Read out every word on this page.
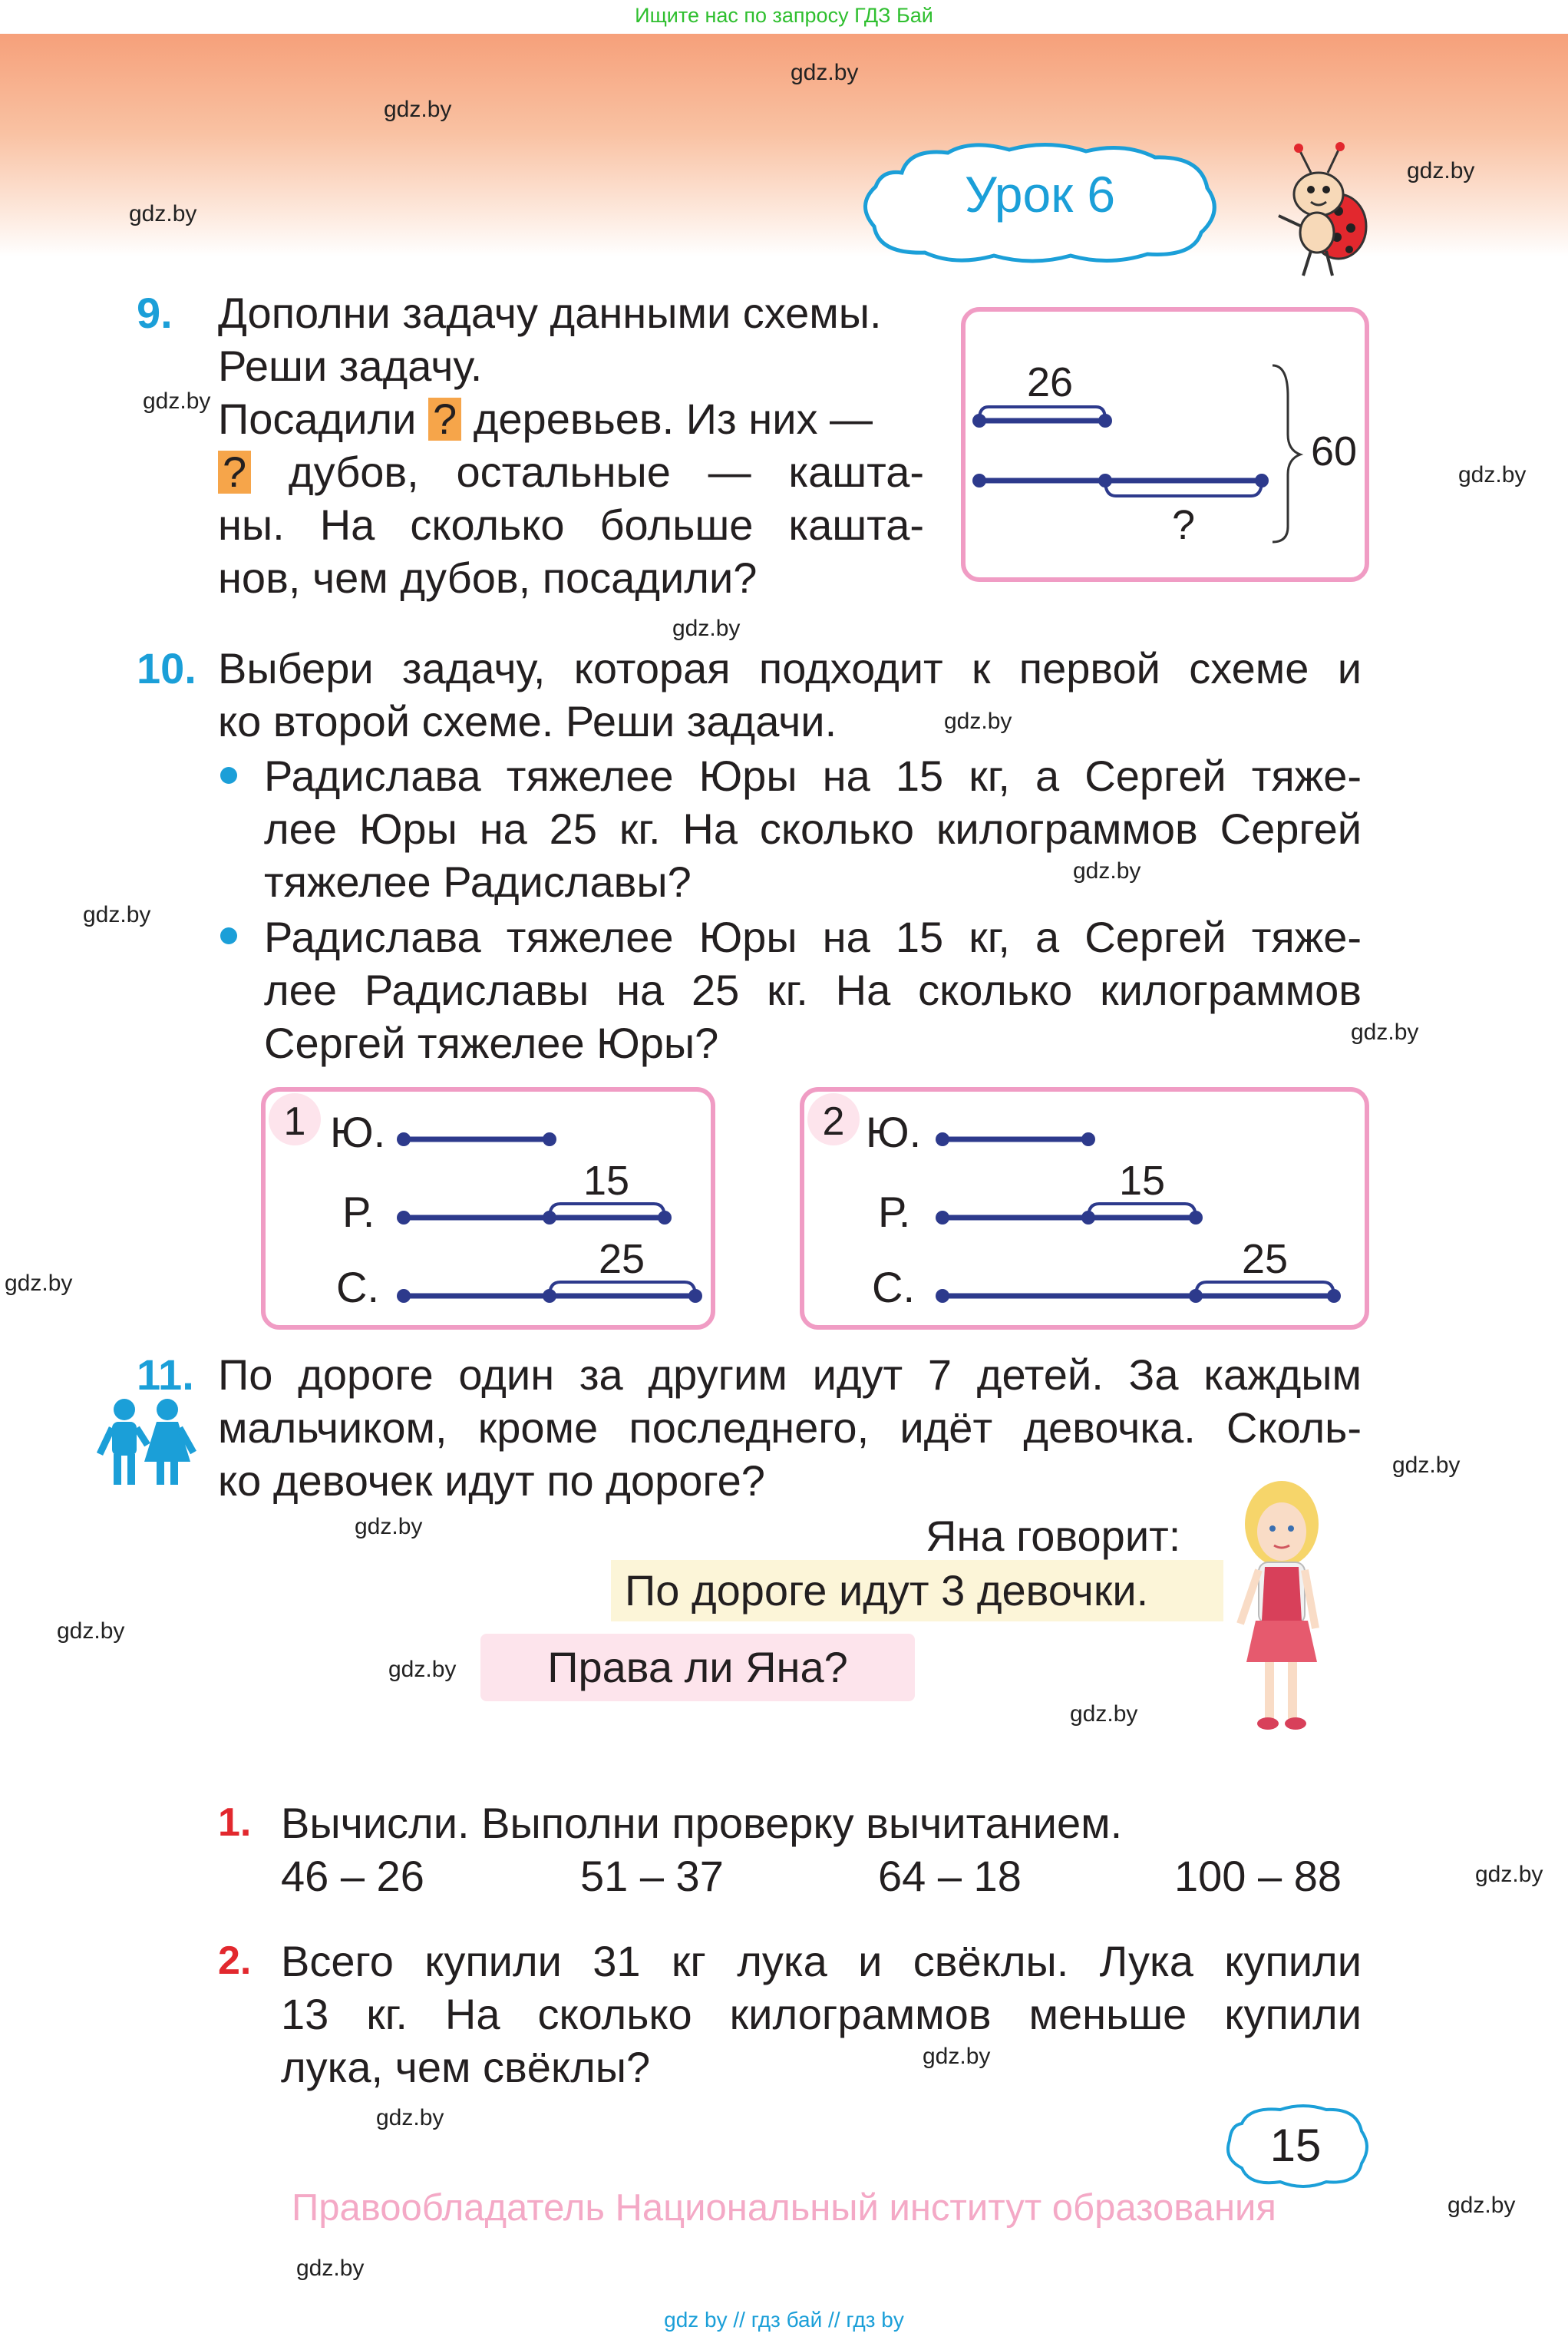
Ищите нас по запросу ГДЗ Бай
Урок 6
gdz.by
gdz.by
gdz.by
gdz.by
gdz.by
gdz.by
gdz.by
gdz.by
gdz.by
gdz.by
gdz.by
gdz.by
gdz.by
gdz.by
gdz.by
gdz.by
gdz.by
gdz.by
gdz.by
gdz.by
gdz.by
gdz.by
9. Дополни задачу данными схемы.
Реши задачу.
Посадили ? деревьев. Из них —
? дубов, остальные — кашта-
ны. На сколько больше кашта-
нов, чем дубов, посадили?
26
60
?
10. Выбери задачу, которая подходит к первой схеме и
ко второй схеме. Реши задачи.
Радислава тяжелее Юры на 15 кг, а Сергей тяже-
лее Юры на 25 кг. На сколько килограммов Сергей
тяжелее Радиславы?
Радислава тяжелее Юры на 15 кг, а Сергей тяже-
лее Радиславы на 25 кг. На сколько килограммов
Сергей тяжелее Юры?
1 Ю.
Р.
С.
15
25
2 Ю.
Р.
С.
15
25
11. По дороге один за другим идут 7 детей. За каждым
мальчиком, кроме последнего, идёт девочка. Сколь-
ко девочек идут по дороге?
Яна говорит:
По дороге идут 3 девочки.
Права ли Яна?
1. Вычисли. Выполни проверку вычитанием.
46 – 26	51 – 37	64 – 18	100 – 88
2. Всего купили 31 кг лука и свёклы. Лука купили
13 кг. На сколько килограммов меньше купили
лука, чем свёклы?
15
Правообладатель Национальный институт образования
gdz by // гдз бай // гдз by
